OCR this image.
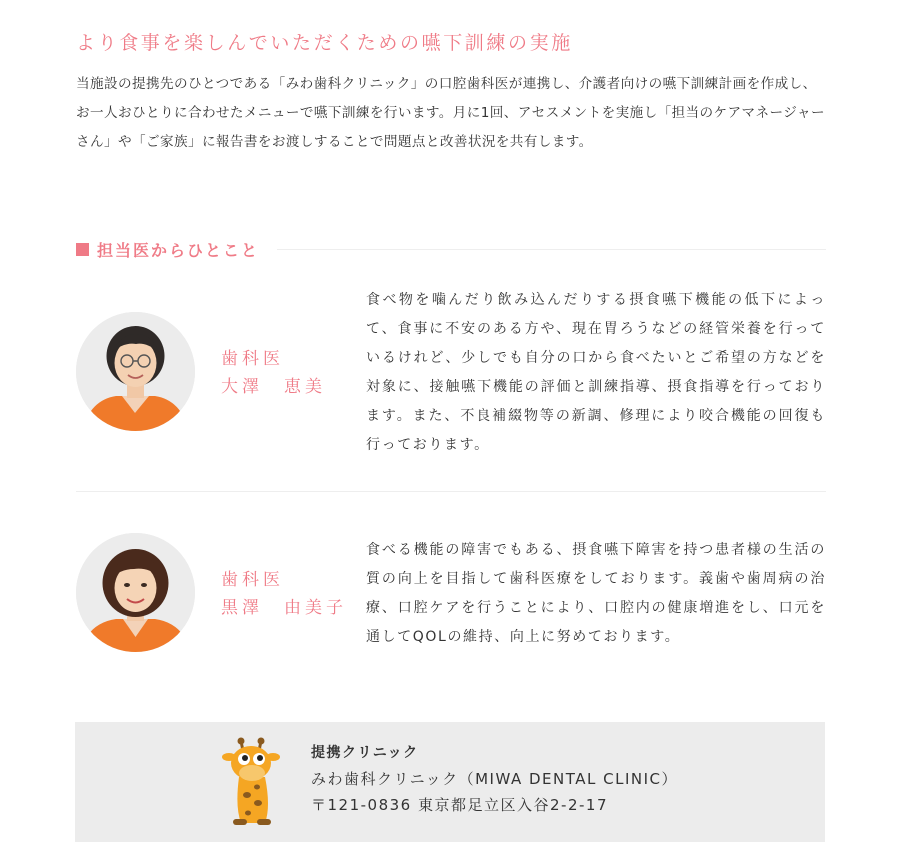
より食事を楽しんでいただくための嚥下訓練の実施

当施設の提携先のひとつである「みわ歯科クリニック」の口腔歯科医が連携し、介護者向けの嚥下訓練計画を作成し、お一人おひとりに合わせたメニューで嚥下訓練を行います。月に1回、アセスメントを実施し「担当のケアマネージャーさん」や「ご家族」に報告書をお渡しすることで問題点と改善状況を共有します。

担当医からひとこと
歯科医
大澤　恵美

食べ物を噛んだり飲み込んだりする摂食嚥下機能の低下によって、食事に不安のある方や、現在胃ろうなどの経管栄養を行っているけれど、少しでも自分の口から食べたいとご希望の方などを対象に、接触嚥下機能の評価と訓練指導、摂食指導を行っております。また、不良補綴物等の新調、修理により咬合機能の回復も行っております。

歯科医
黒澤　由美子

食べる機能の障害でもある、摂食嚥下障害を持つ患者様の生活の質の向上を目指して歯科医療をしております。義歯や歯周病の治療、口腔ケアを行うことにより、口腔内の健康増進をし、口元を通してQOLの維持、向上に努めております。

提携クリニック
みわ歯科クリニック（MIWA DENTAL CLINIC）
〒121-0836 東京都足立区入谷2-2-17
